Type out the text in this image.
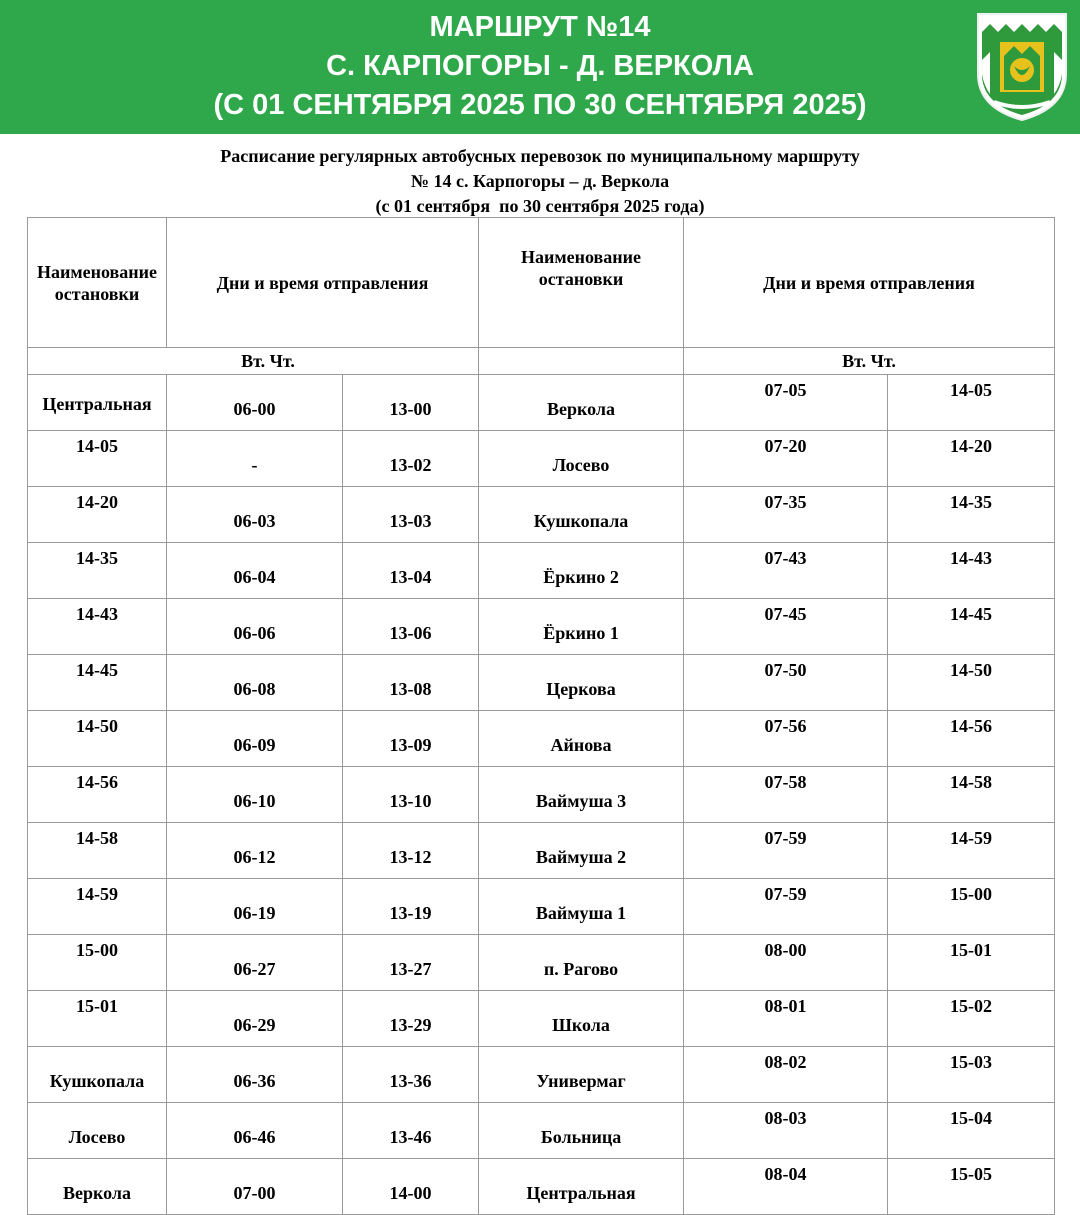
МАРШРУТ №14
С. КАРПОГОРЫ - Д. ВЕРКОЛА
(С 01 СЕНТЯБРЯ 2025 ПО 30 СЕНТЯБРЯ 2025)
Расписание регулярных автобусных перевозок по муниципальному маршруту
№ 14 с. Карпогоры – д. Веркола
(с 01 сентября  по 30 сентября 2025 года)
Наименование остановки	Дни и время отправления		Наименование остановки	Дни и время отправления	
Вт. Чт.				Вт. Чт.	
Центральная	06-00	13-00	Веркола	07-05	14-05
14-05	-	13-02	Лосево	07-20	14-20
14-20	06-03	13-03	Кушкопала	07-35	14-35
14-35	06-04	13-04	Ёркино 2	07-43	14-43
14-43	06-06	13-06	Ёркино 1	07-45	14-45
14-45	06-08	13-08	Церкова	07-50	14-50
14-50	06-09	13-09	Айнова	07-56	14-56
14-56	06-10	13-10	Ваймуша 3	07-58	14-58
14-58	06-12	13-12	Ваймуша 2	07-59	14-59
14-59	06-19	13-19	Ваймуша 1	07-59	15-00
15-00	06-27	13-27	п. Рагово	08-00	15-01
15-01	06-29	13-29	Школа	08-01	15-02
Кушкопала	06-36	13-36	Универмаг	08-02	15-03
Лосево	06-46	13-46	Больница	08-03	15-04
Веркола	07-00	14-00	Центральная	08-04	15-05
